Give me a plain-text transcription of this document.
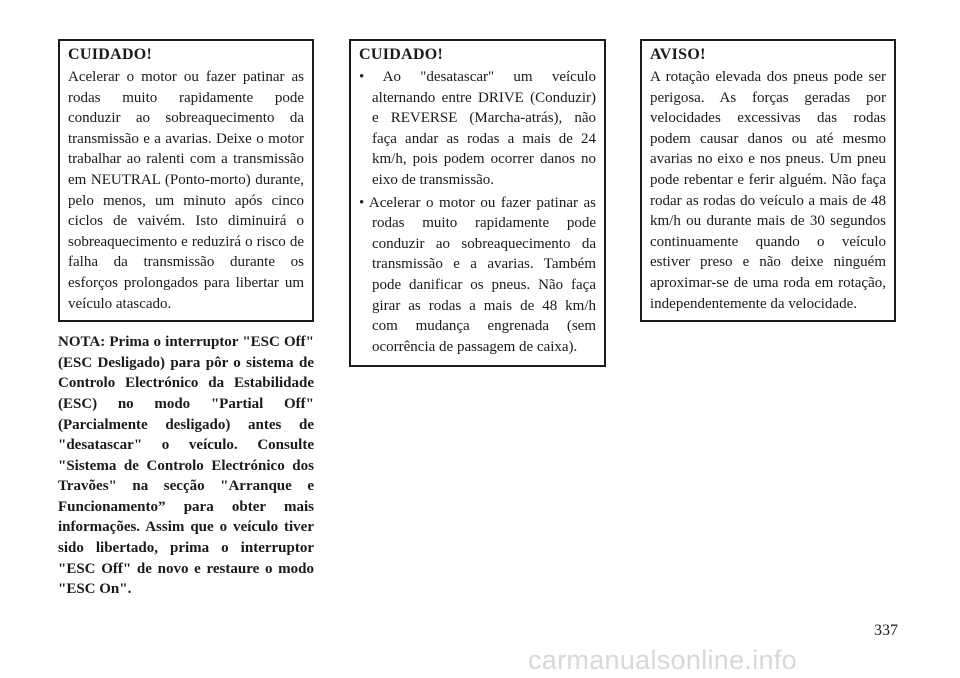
CUIDADO!
Acelerar o motor ou fazer patinar as rodas muito rapidamente pode conduzir ao sobreaquecimento da transmissão e a avarias. Deixe o motor trabalhar ao ralenti com a transmissão em NEUTRAL (Ponto-morto) durante, pelo menos, um minuto após cinco ciclos de vaivém. Isto diminuirá o sobreaquecimento e reduzirá o risco de falha da transmissão durante os esforços prolongados para libertar um veículo atascado.
NOTA: Prima o interruptor "ESC Off" (ESC Desligado) para pôr o sistema de Controlo Electrónico da Estabilidade (ESC) no modo "Partial Off" (Parcialmente desligado) antes de "desatascar" o veículo. Consulte "Sistema de Controlo Electrónico dos Travões" na secção "Arranque e Funcionamento” para obter mais informações. Assim que o veículo tiver sido libertado, prima o interruptor "ESC Off" de novo e restaure o modo "ESC On".
CUIDADO!
• Ao "desatascar" um veículo alternando entre DRIVE (Conduzir) e REVERSE (Marcha-atrás), não faça andar as rodas a mais de 24 km/h, pois podem ocorrer danos no eixo de transmissão.
• Acelerar o motor ou fazer patinar as rodas muito rapidamente pode conduzir ao sobreaquecimento da transmissão e a avarias. Também pode danificar os pneus. Não faça girar as rodas a mais de 48 km/h com mudança engrenada (sem ocorrência de passagem de caixa).
AVISO!
A rotação elevada dos pneus pode ser perigosa. As forças geradas por velocidades excessivas das rodas podem causar danos ou até mesmo avarias no eixo e nos pneus. Um pneu pode rebentar e ferir alguém. Não faça rodar as rodas do veículo a mais de 48 km/h ou durante mais de 30 segundos continuamente quando o veículo estiver preso e não deixe ninguém aproximar-se de uma roda em rotação, independentemente da velocidade.
337
carmanualsonline.info
